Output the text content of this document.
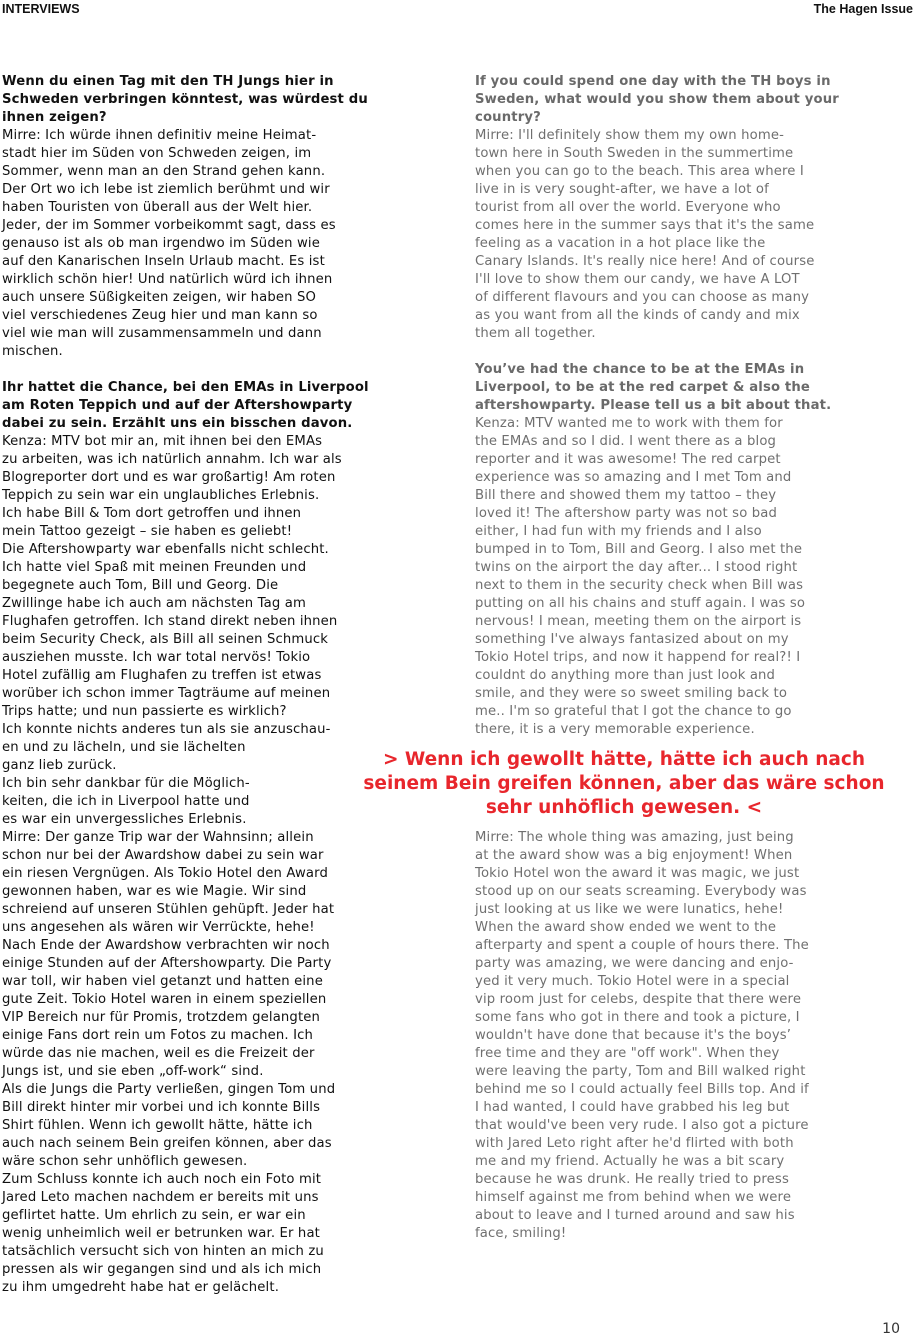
INTERVIEWS	The Hagen Issue

Wenn du einen Tag mit den TH Jungs hier in
Schweden verbringen könntest, was würdest du
ihnen zeigen?

Mirre: Ich würde ihnen definitiv meine Heimat-
stadt hier im Süden von Schweden zeigen, im
Sommer, wenn man an den Strand gehen kann.
Der Ort wo ich lebe ist ziemlich berühmt und wir
haben Touristen von überall aus der Welt hier.
Jeder, der im Sommer vorbeikommt sagt, dass es
genauso ist als ob man irgendwo im Süden wie
auf den Kanarischen Inseln Urlaub macht. Es ist
wirklich schön hier! Und natürlich würd ich ihnen
auch unsere Süßigkeiten zeigen, wir haben SO
viel verschiedenes Zeug hier und man kann so
viel wie man will zusammensammeln und dann
mischen.

Ihr hattet die Chance, bei den EMAs in Liverpool
am Roten Teppich und auf der Aftershowparty
dabei zu sein. Erzählt uns ein bisschen davon.

Kenza: MTV bot mir an, mit ihnen bei den EMAs
zu arbeiten, was ich natürlich annahm. Ich war als
Blogreporter dort und es war großartig! Am roten
Teppich zu sein war ein unglaubliches Erlebnis.
Ich habe Bill & Tom dort getroffen und ihnen
mein Tattoo gezeigt – sie haben es geliebt!
Die Aftershowparty war ebenfalls nicht schlecht.
Ich hatte viel Spaß mit meinen Freunden und
begegnete auch Tom, Bill und Georg. Die
Zwillinge habe ich auch am nächsten Tag am
Flughafen getroffen. Ich stand direkt neben ihnen
beim Security Check, als Bill all seinen Schmuck
ausziehen musste. Ich war total nervös! Tokio
Hotel zufällig am Flughafen zu treffen ist etwas
worüber ich schon immer Tagträume auf meinen
Trips hatte; und nun passierte es wirklich?
Ich konnte nichts anderes tun als sie anzuschau-
en und zu lächeln, und sie lächelten
ganz lieb zurück.
Ich bin sehr dankbar für die Möglich-
keiten, die ich in Liverpool hatte und
es war ein unvergessliches Erlebnis.

Mirre: Der ganze Trip war der Wahnsinn; allein
schon nur bei der Awardshow dabei zu sein war
ein riesen Vergnügen. Als Tokio Hotel den Award
gewonnen haben, war es wie Magie. Wir sind
schreiend auf unseren Stühlen gehüpft. Jeder hat
uns angesehen als wären wir Verrückte, hehe!
Nach Ende der Awardshow verbrachten wir noch
einige Stunden auf der Aftershowparty. Die Party
war toll, wir haben viel getanzt und hatten eine
gute Zeit. Tokio Hotel waren in einem speziellen
VIP Bereich nur für Promis, trotzdem gelangten
einige Fans dort rein um Fotos zu machen. Ich
würde das nie machen, weil es die Freizeit der
Jungs ist, und sie eben „off-work“ sind.
Als die Jungs die Party verließen, gingen Tom und
Bill direkt hinter mir vorbei und ich konnte Bills
Shirt fühlen. Wenn ich gewollt hätte, hätte ich
auch nach seinem Bein greifen können, aber das
wäre schon sehr unhöflich gewesen.
Zum Schluss konnte ich auch noch ein Foto mit
Jared Leto machen nachdem er bereits mit uns
geflirtet hatte. Um ehrlich zu sein, er war ein
wenig unheimlich weil er betrunken war. Er hat
tatsächlich versucht sich von hinten an mich zu
pressen als wir gegangen sind und als ich mich
zu ihm umgedreht habe hat er gelächelt.

If you could spend one day with the TH boys in
Sweden, what would you show them about your
country?

Mirre: I'll definitely show them my own home-
town here in South Sweden in the summertime
when you can go to the beach. This area where I
live in is very sought-after, we have a lot of
tourist from all over the world. Everyone who
comes here in the summer says that it's the same
feeling as a vacation in a hot place like the
Canary Islands. It's really nice here! And of course
I'll love to show them our candy, we have A LOT
of different flavours and you can choose as many
as you want from all the kinds of candy and mix
them all together.

You’ve had the chance to be at the EMAs in
Liverpool, to be at the red carpet & also the
aftershowparty. Please tell us a bit about that.

Kenza: MTV wanted me to work with them for
the EMAs and so I did. I went there as a blog
reporter and it was awesome! The red carpet
experience was so amazing and I met Tom and
Bill there and showed them my tattoo – they
loved it! The aftershow party was not so bad
either, I had fun with my friends and I also
bumped in to Tom, Bill and Georg. I also met the
twins on the airport the day after... I stood right
next to them in the security check when Bill was
putting on all his chains and stuff again. I was so
nervous! I mean, meeting them on the airport is
something I've always fantasized about on my
Tokio Hotel trips, and now it happend for real?! I
couldnt do anything more than just look and
smile, and they were so sweet smiling back to
me.. I'm so grateful that I got the chance to go
there, it is a very memorable experience.

Mirre: The whole thing was amazing, just being
at the award show was a big enjoyment! When
Tokio Hotel won the award it was magic, we just
stood up on our seats screaming. Everybody was
just looking at us like we were lunatics, hehe!
When the award show ended we went to the
afterparty and spent a couple of hours there. The
party was amazing, we were dancing and enjo-
yed it very much. Tokio Hotel were in a special
vip room just for celebs, despite that there were
some fans who got in there and took a picture, I
wouldn't have done that because it's the boys’
free time and they are "off work". When they
were leaving the party, Tom and Bill walked right
behind me so I could actually feel Bills top. And if
I had wanted, I could have grabbed his leg but
that would've been very rude. I also got a picture
with Jared Leto right after he'd flirted with both
me and my friend. Actually he was a bit scary
because he was drunk. He really tried to press
himself against me from behind when we were
about to leave and I turned around and saw his
face, smiling!

> Wenn ich gewollt hätte, hätte ich auch nach
seinem Bein greifen können, aber das wäre schon
sehr unhöflich gewesen. <
10
